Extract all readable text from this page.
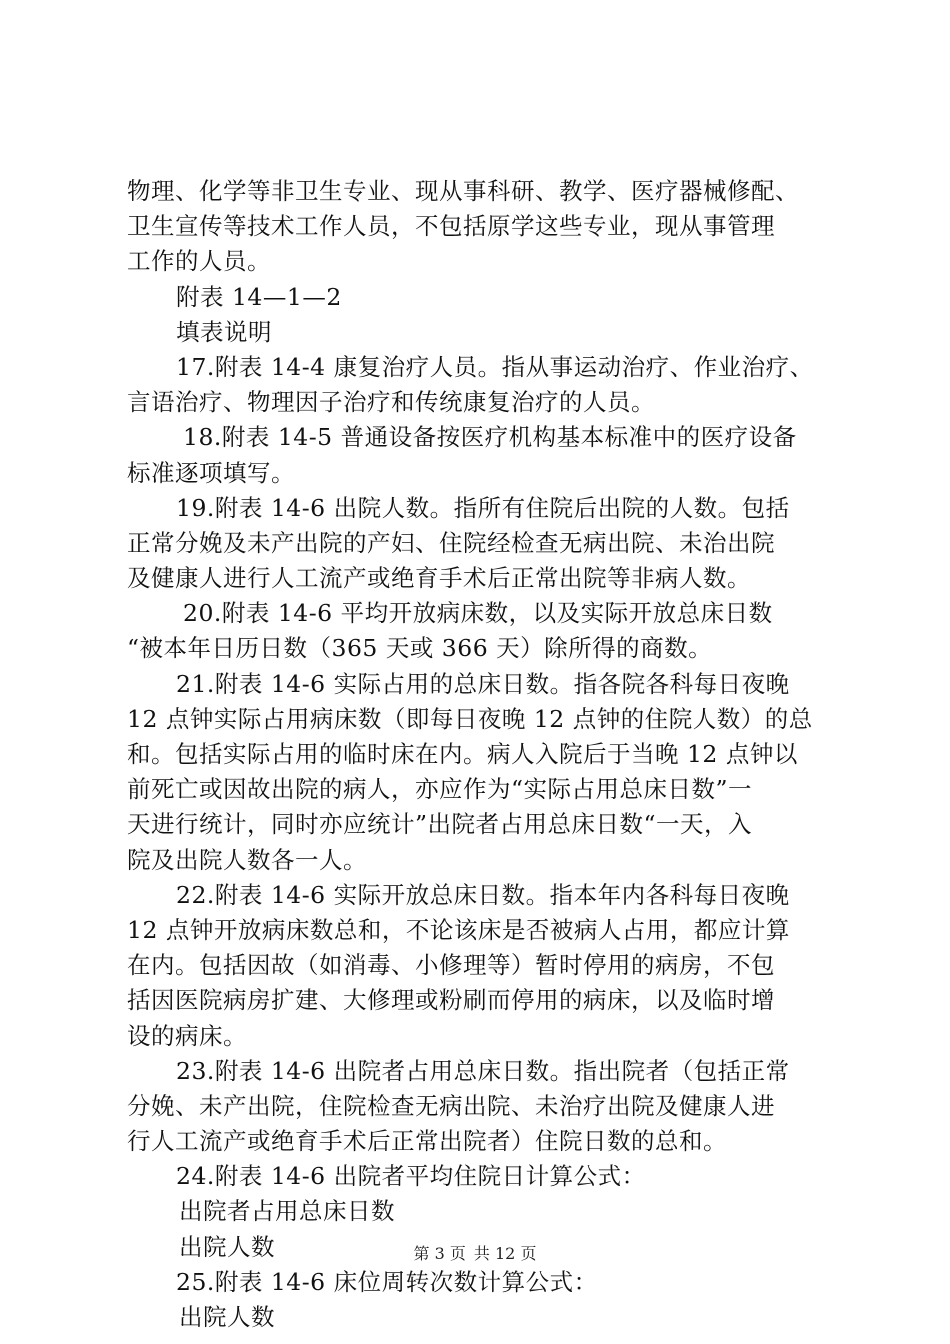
物理、化学等非卫生专业、现从事科研、教学、医疗器械修配、
卫生宣传等技术工作人员，不包括原学这些专业，现从事管理
工作的人员。
附表 14—1—2
填表说明
17.附表 14-4 康复治疗人员。指从事运动治疗、作业治疗、
言语治疗、物理因子治疗和传统康复治疗的人员。
18.附表 14-5 普通设备按医疗机构基本标准中的医疗设备
标准逐项填写。
19.附表 14-6 出院人数。指所有住院后出院的人数。包括
正常分娩及未产出院的产妇、住院经检查无病出院、未治出院
及健康人进行人工流产或绝育手术后正常出院等非病人数。
20.附表 14-6 平均开放病床数，以及实际开放总床日数
“被本年日历日数（365 天或 366 天）除所得的商数。
21.附表 14-6 实际占用的总床日数。指各院各科每日夜晚
12 点钟实际占用病床数（即每日夜晚 12 点钟的住院人数）的总
和。包括实际占用的临时床在内。病人入院后于当晚 12 点钟以
前死亡或因故出院的病人，亦应作为“实际占用总床日数”一
天进行统计，同时亦应统计”出院者占用总床日数“一天，入
院及出院人数各一人。
22.附表 14-6 实际开放总床日数。指本年内各科每日夜晚
12 点钟开放病床数总和，不论该床是否被病人占用，都应计算
在内。包括因故（如消毒、小修理等）暂时停用的病房，不包
括因医院病房扩建、大修理或粉刷而停用的病床，以及临时增
设的病床。
23.附表 14-6 出院者占用总床日数。指出院者（包括正常
分娩、未产出院，住院检查无病出院、未治疗出院及健康人进
行人工流产或绝育手术后正常出院者）住院日数的总和。
24.附表 14-6 出院者平均住院日计算公式：
出院者占用总床日数
出院人数
25.附表 14-6 床位周转次数计算公式：
出院人数
第 3 页 共 12 页
